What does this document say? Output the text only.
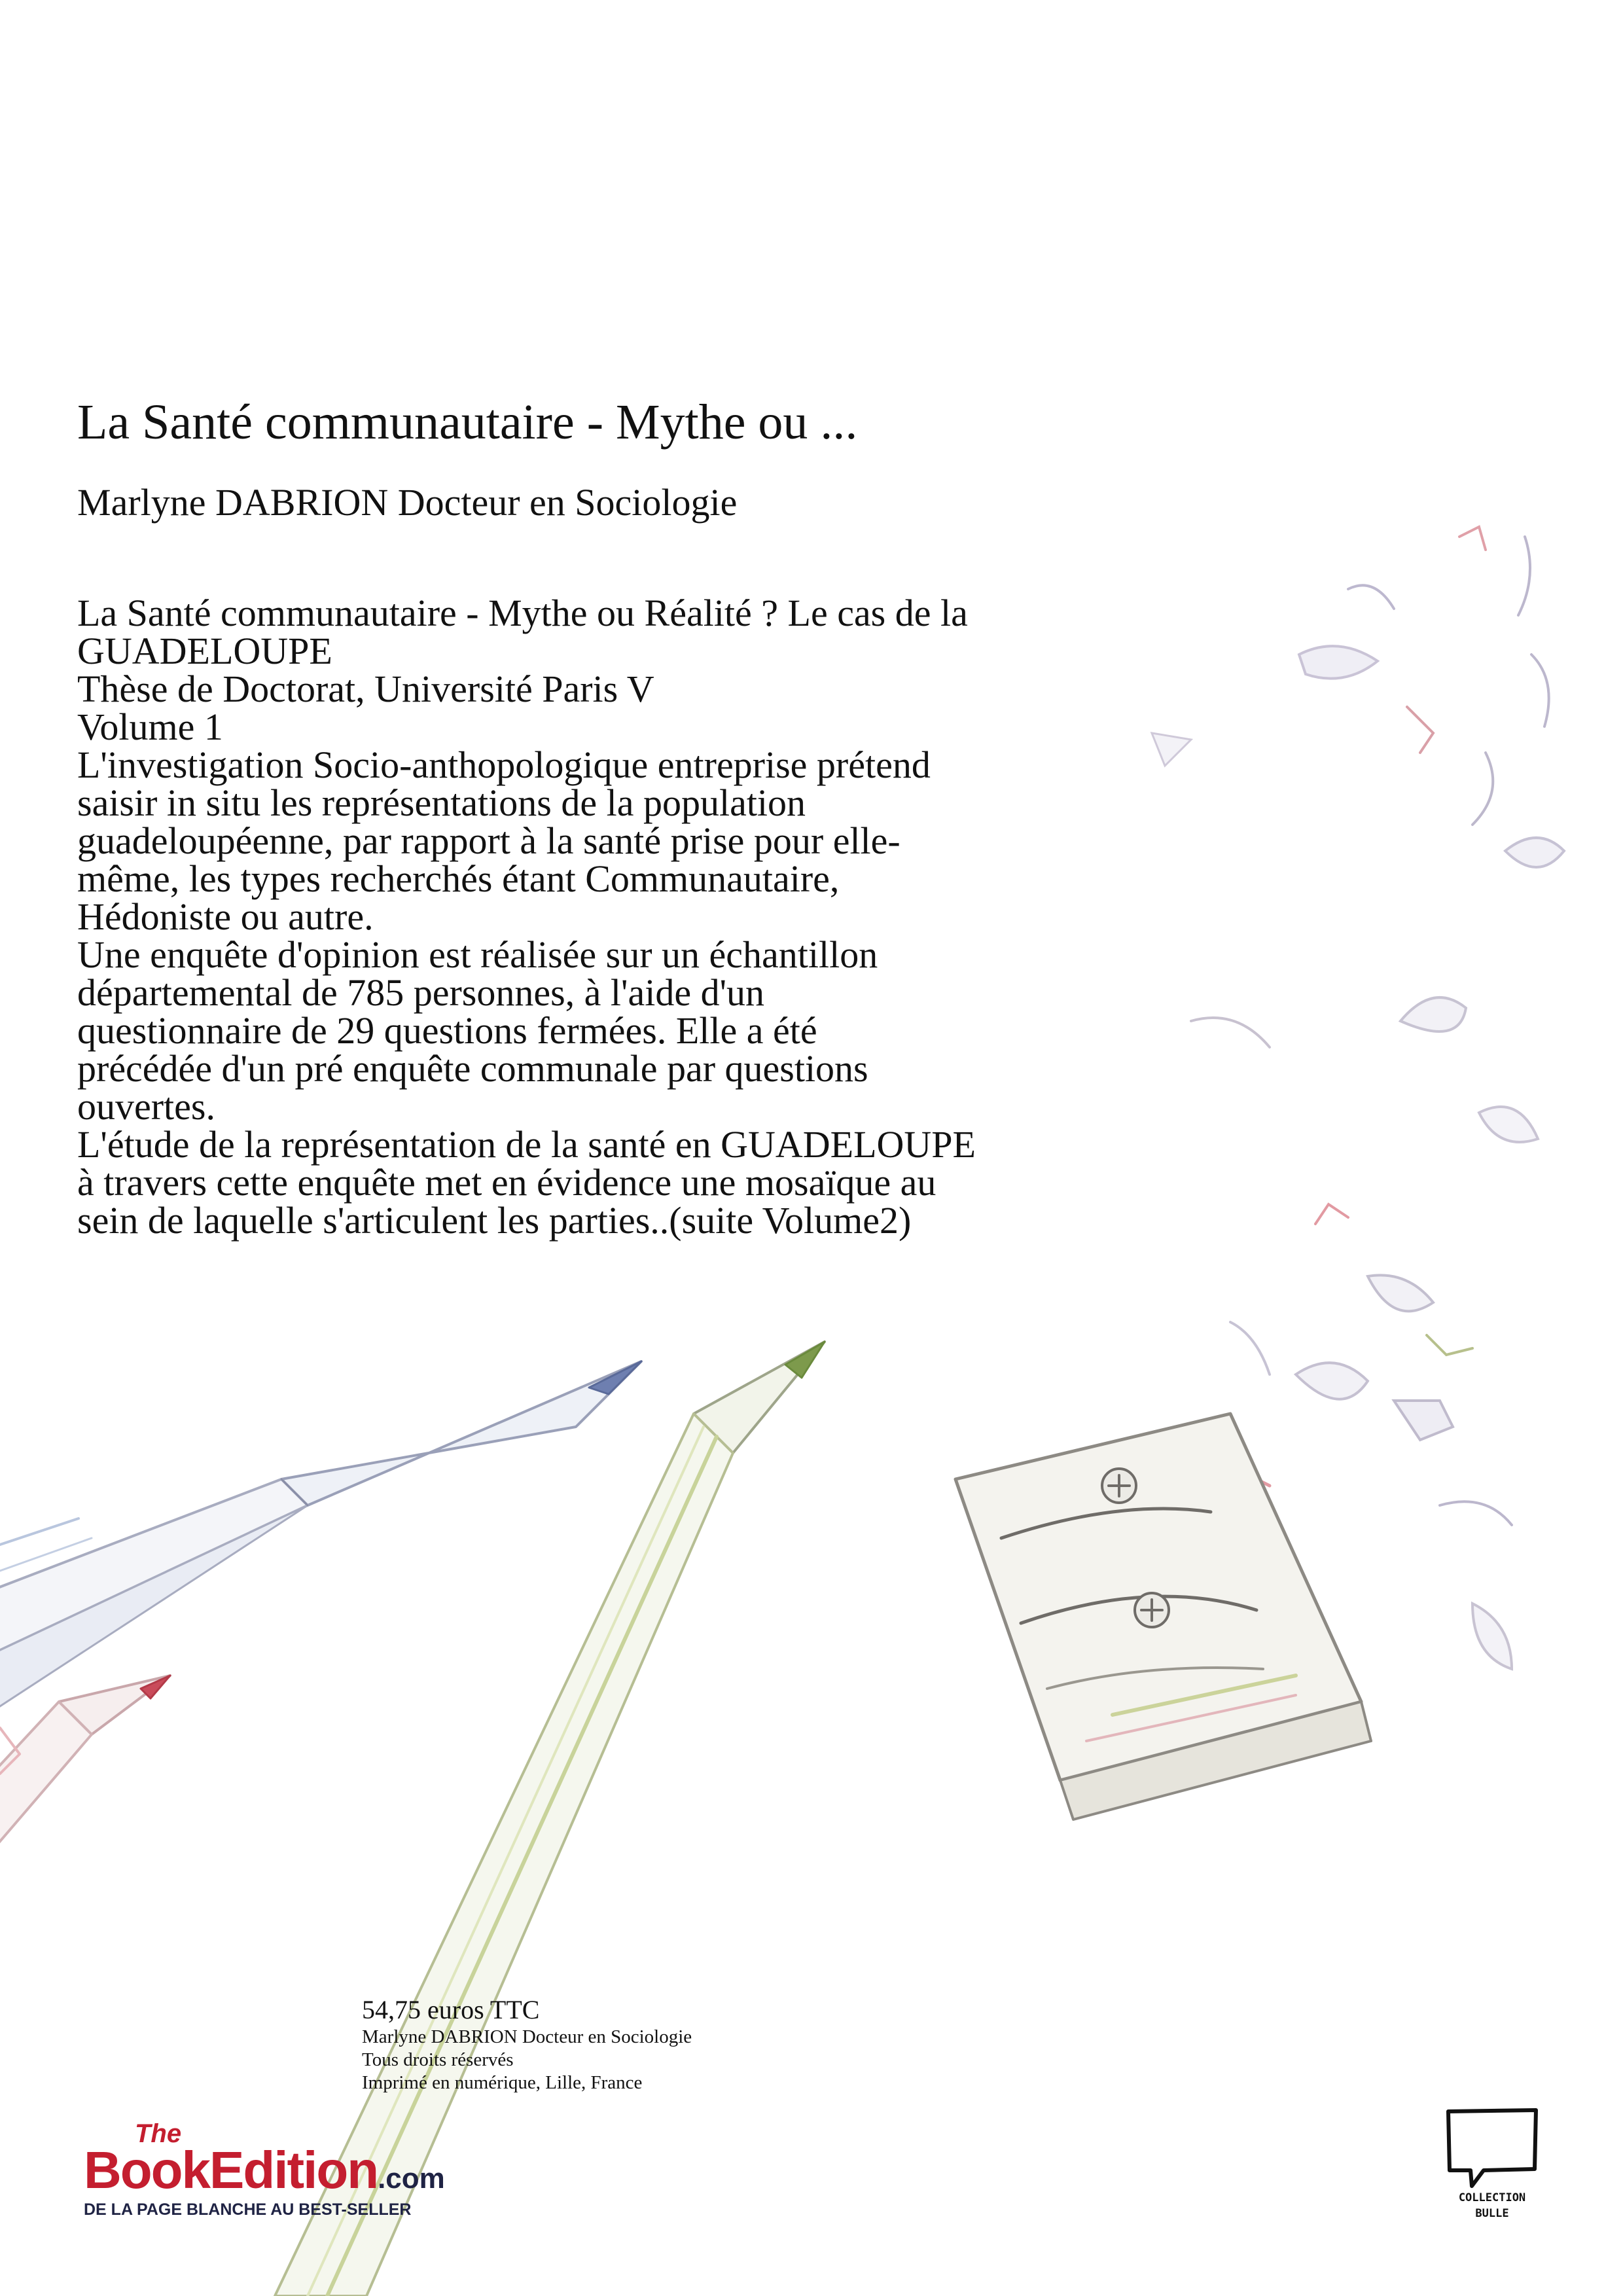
La Santé communautaire - Mythe ou ...
Marlyne DABRION Docteur en Sociologie
La Santé communautaire - Mythe ou Réalité ? Le cas de la
GUADELOUPE
Thèse de Doctorat, Université Paris V
Volume 1
L'investigation Socio-anthopologique entreprise prétend
saisir in situ les représentations de la population
guadeloupéenne, par rapport à la santé prise pour elle-
même, les types recherchés étant Communautaire,
Hédoniste ou autre.
Une enquête d'opinion est réalisée sur un échantillon
départemental de 785 personnes, à l'aide d'un
questionnaire de 29 questions fermées. Elle a été
précédée d'un pré enquête communale par questions
ouvertes.
L'étude de la représentation de la santé en GUADELOUPE
à travers cette enquête met en évidence une mosaïque au
sein de laquelle s'articulent les parties..(suite Volume2)
54,75 euros TTC
Marlyne DABRION Docteur en Sociologie
Tous droits réservés
Imprimé en numérique, Lille, France
The
BookEdition.com
DE LA PAGE BLANCHE AU BEST-SELLER
COLLECTION
BULLE
